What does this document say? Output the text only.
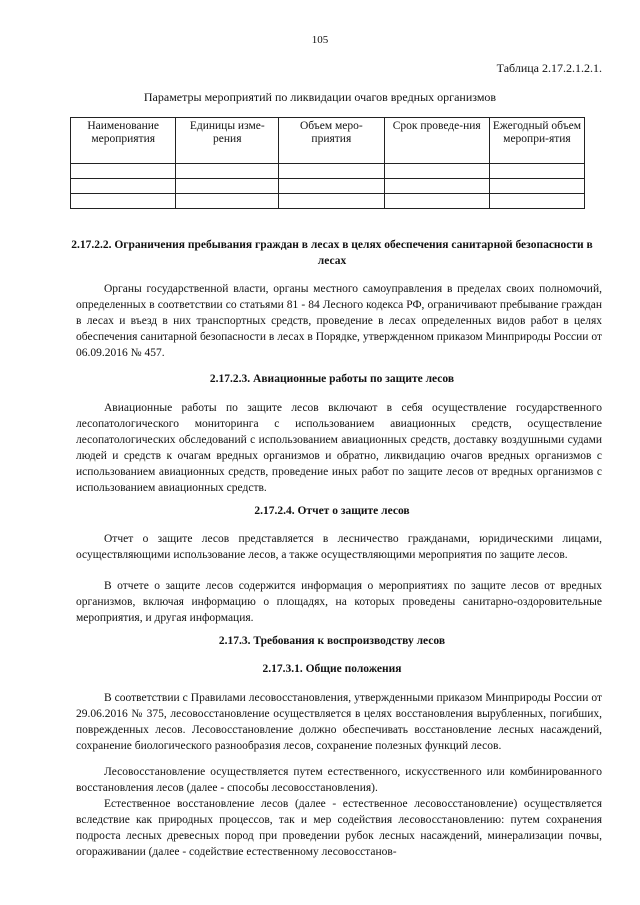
105
Таблица 2.17.2.1.2.1.
Параметры мероприятий по ликвидации очагов вредных организмов
Наименование мероприятия	Единицы изме-рения	Объем меро-приятия	Срок проведе-ния	Ежегодный объем меропри-ятия

2.17.2.2. Ограничения пребывания граждан в лесах в целях обеспечения санитарной безопасности в лесах

Органы государственной власти, органы местного самоуправления в пределах своих полномочий, определенных в соответствии со статьями 81 - 84 Лесного кодекса РФ, ограничивают пребывание граждан в лесах и въезд в них транспортных средств, проведение в лесах определенных видов работ в целях обеспечения санитарной безопасности в лесах в Порядке, утвержденном приказом Минприроды России от 06.09.2016 № 457.

2.17.2.3. Авиационные работы по защите лесов

Авиационные работы по защите лесов включают в себя осуществление государственного лесопатологического мониторинга с использованием авиационных средств, осуществление лесопатологических обследований с использованием авиационных средств, доставку воздушными судами людей и средств к очагам вредных организмов и обратно, ликвидацию очагов вредных организмов с использованием авиационных средств, проведение иных работ по защите лесов от вредных организмов с использованием авиационных средств.

2.17.2.4. Отчет о защите лесов

Отчет о защите лесов представляется в лесничество гражданами, юридическими лицами, осуществляющими использование лесов, а также осуществляющими мероприятия по защите лесов.

В отчете о защите лесов содержится информация о мероприятиях по защите лесов от вредных организмов, включая информацию о площадях, на которых проведены санитарно-оздоровительные мероприятия, и другая информация.

2.17.3. Требования к воспроизводству лесов
2.17.3.1. Общие положения

В соответствии с Правилами лесовосстановления, утвержденными приказом Минприроды России от 29.06.2016 № 375, лесовосстановление осуществляется в целях восстановления вырубленных, погибших, поврежденных лесов. Лесовосстановление должно обеспечивать восстановление лесных насаждений, сохранение биологического разнообразия лесов, сохранение полезных функций лесов.

Лесовосстановление осуществляется путем естественного, искусственного или комбинированного восстановления лесов (далее - способы лесовосстановления).

Естественное восстановление лесов (далее - естественное лесовосстановление) осуществляется вследствие как природных процессов, так и мер содействия лесовосстановлению: путем сохранения подроста лесных древесных пород при проведении рубок лесных насаждений, минерализации почвы, огораживании (далее - содействие естественному лесовосстанов-
